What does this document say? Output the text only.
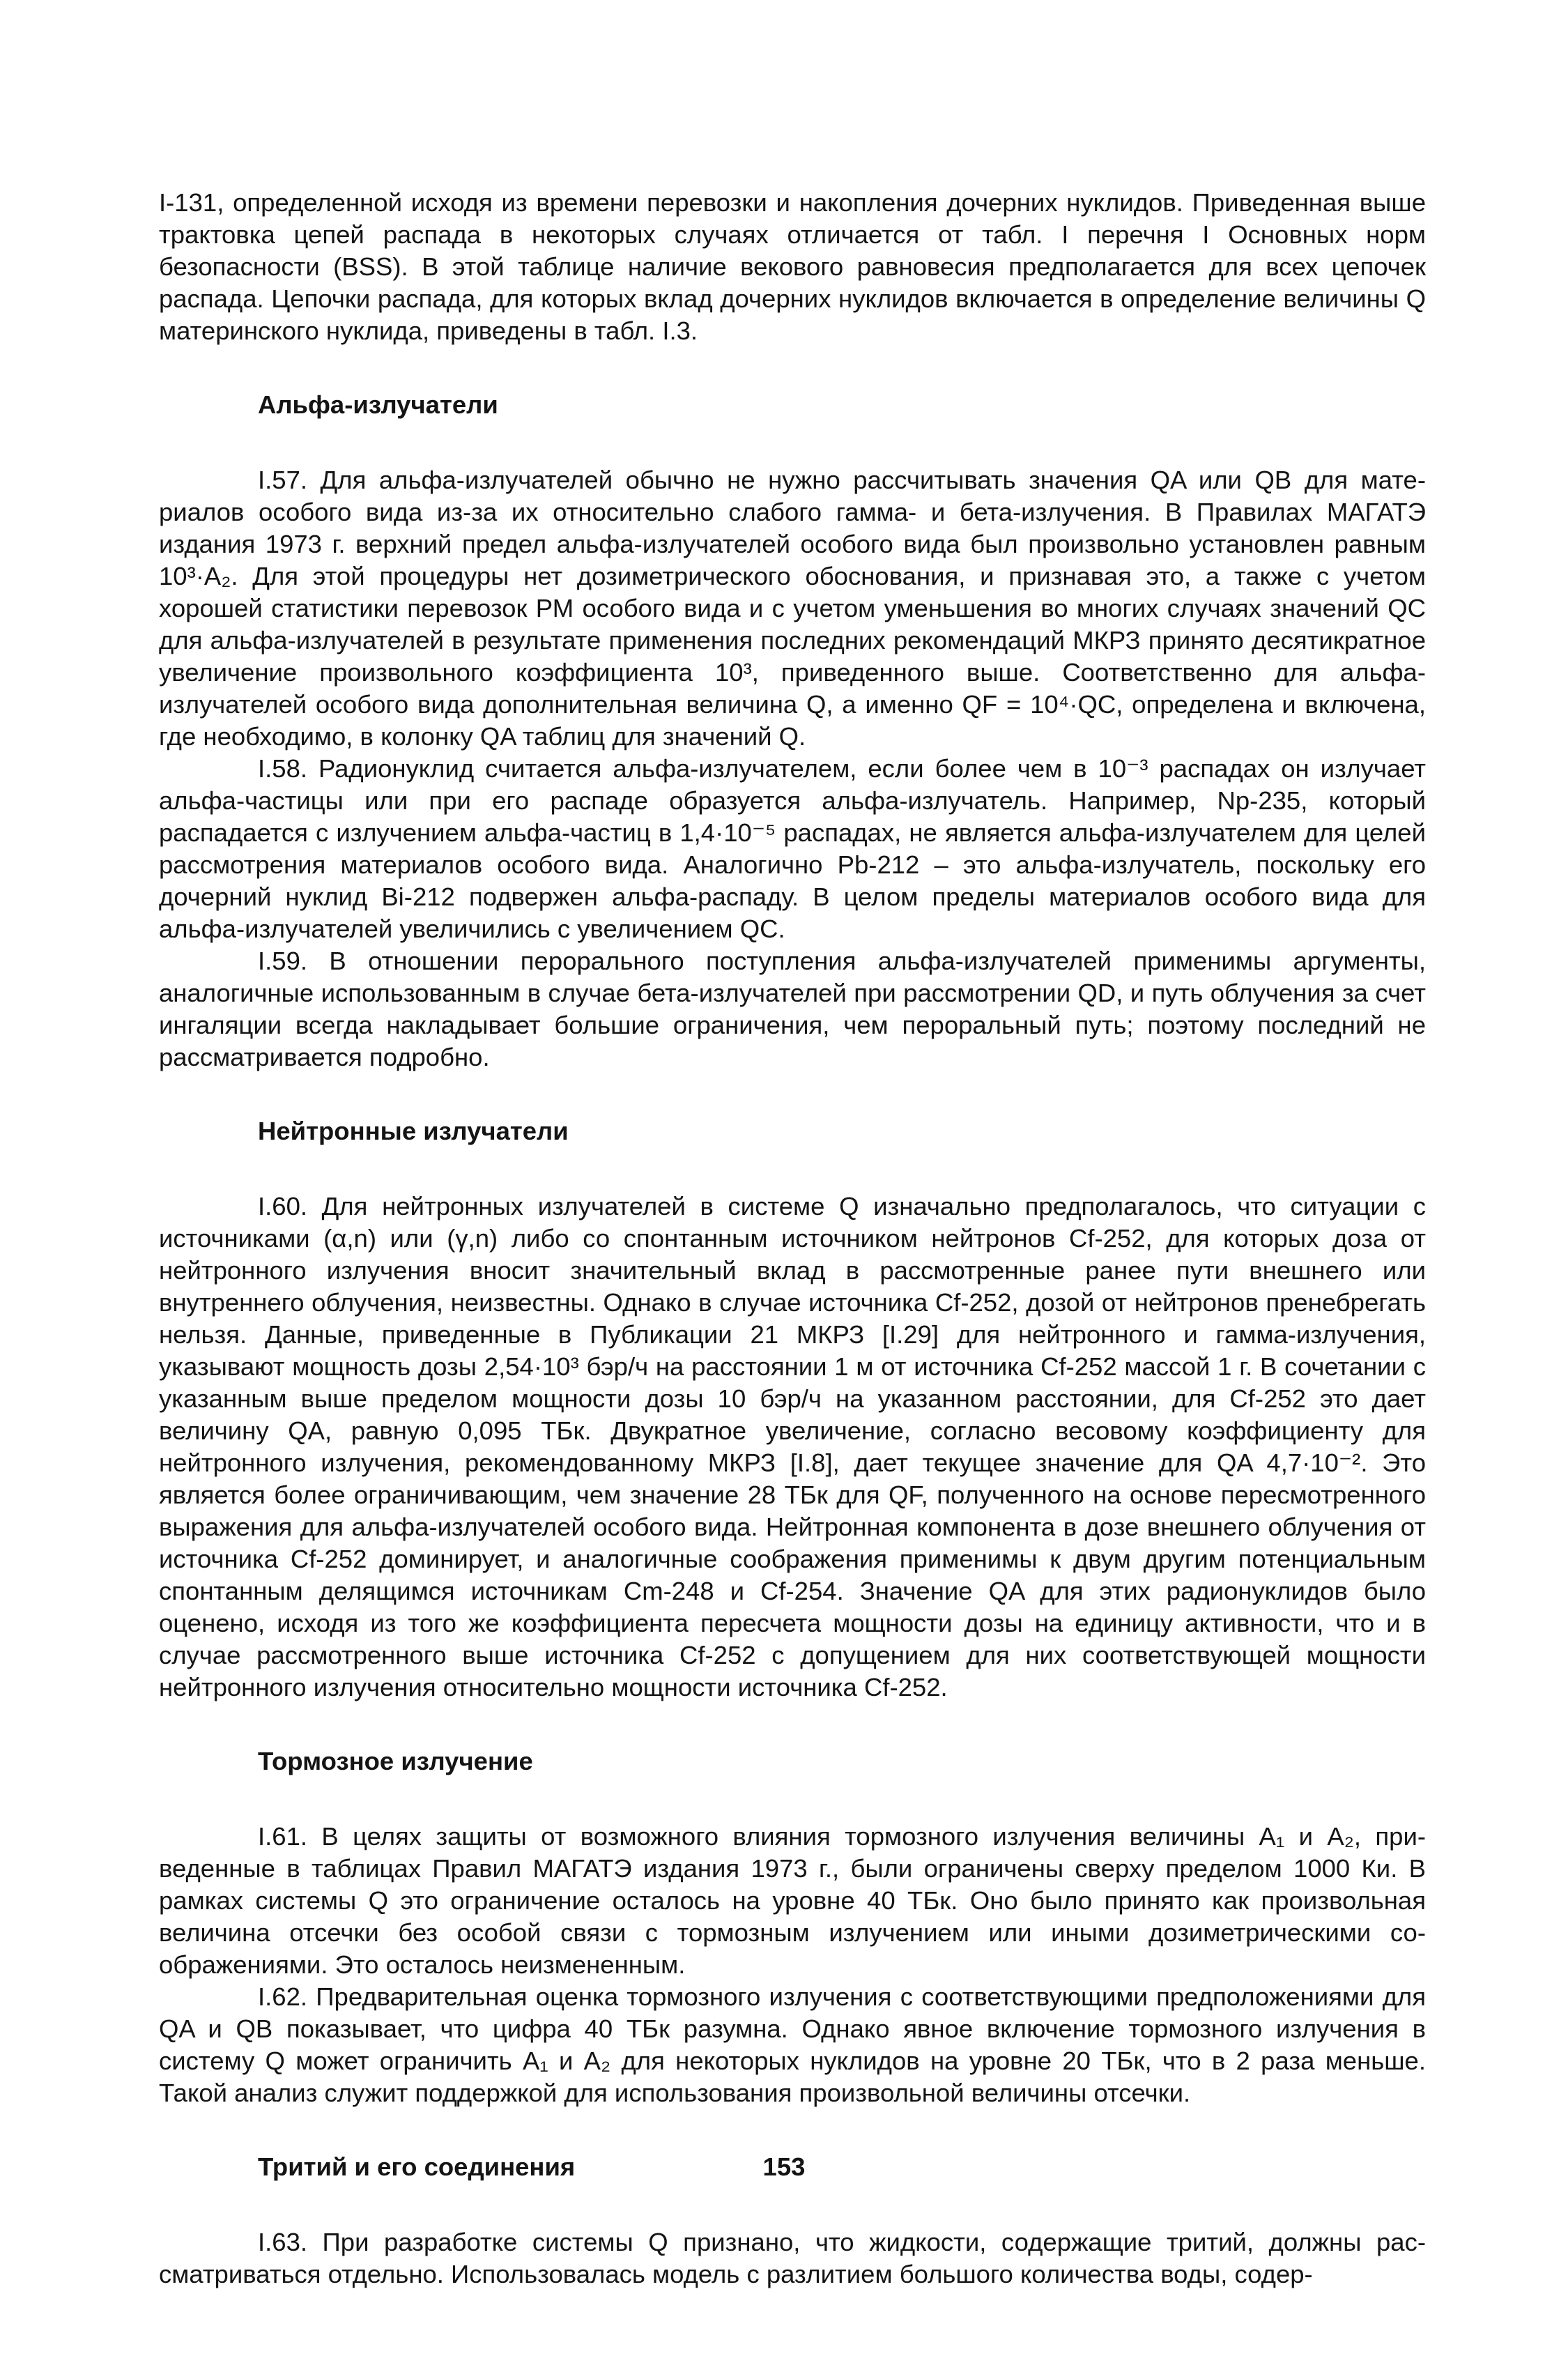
I-131, определенной исходя из времени перевозки и накопления дочерних нуклидов. Приведенная выше трактовка цепей распада в некоторых случаях отличается от табл. I перечня I Основных норм безопасности (BSS). В этой таблице наличие векового равновесия предполагается для всех цепочек распада. Цепочки распада, для которых вклад дочерних нуклидов включается в определение величины Q материнского нуклида, приведены в табл. I.3.

Альфа-излучатели

I.57. Для альфа-излучателей обычно не нужно рассчитывать значения QA или QB для материалов особого вида из-за их относительно слабого гамма- и бета-излучения. В Правилах МАГАТЭ издания 1973 г. верхний предел альфа-излучателей особого вида был произвольно установлен равным 10³·A₂. Для этой процедуры нет дозиметрического обоснования, и признавая это, а также с учетом хорошей статистики перевозок РМ особого вида и с учетом уменьшения во многих случаях значений QC для альфа-излучателей в результате применения последних рекомендаций МКРЗ принято десятикратное увеличение произвольного коэффициента 10³, приведенного выше. Соответственно для альфа-излучателей особого вида дополнительная величина Q, а именно QF = 10⁴·QC, определена и включена, где необходимо, в колонку QA таблиц для значений Q.

I.58. Радионуклид считается альфа-излучателем, если более чем в 10⁻³ распадах он излучает альфа-частицы или при его распаде образуется альфа-излучатель. Например, Np-235, который распадается с излучением альфа-частиц в 1,4·10⁻⁵ распадах, не является альфа-излучателем для целей рассмотрения материалов особого вида. Аналогично Pb-212 – это альфа-излучатель, поскольку его дочерний нуклид Bi-212 подвержен альфа-распаду. В целом пределы материалов особого вида для альфа-излучателей увеличились с увеличением QC.

I.59. В отношении перорального поступления альфа-излучателей применимы аргументы, аналогичные использованным в случае бета-излучателей при рассмотрении QD, и путь облучения за счет ингаляции всегда накладывает большие ограничения, чем пероральный путь; поэтому последний не рассматривается подробно.

Нейтронные излучатели

I.60. Для нейтронных излучателей в системе Q изначально предполагалось, что ситуации с источниками (α,n) или (γ,n) либо со спонтанным источником нейтронов Cf-252, для которых доза от нейтронного излучения вносит значительный вклад в рассмотренные ранее пути внешнего или внутреннего облучения, неизвестны. Однако в случае источника Cf-252, дозой от нейтронов пренебрегать нельзя. Данные, приведенные в Публикации 21 МКРЗ [I.29] для нейтронного и гамма-излучения, указывают мощность дозы 2,54·10³ бэр/ч на расстоянии 1 м от источника Cf-252 массой 1 г. В сочетании с указанным выше пределом мощности дозы 10 бэр/ч на указанном расстоянии, для Cf-252 это дает величину QA, равную 0,095 ТБк. Двукратное увеличение, согласно весовому коэффициенту для нейтронного излучения, рекомендованному МКРЗ [I.8], дает текущее значение для QA 4,7·10⁻². Это является более ограничивающим, чем значение 28 ТБк для QF, полученного на основе пересмотренного выражения для альфа-излучателей особого вида. Нейтронная компонента в дозе внешнего облучения от источника Cf-252 доминирует, и аналогичные соображения применимы к двум другим потенциальным спонтанным делящимся источникам Cm-248 и Cf-254. Значение QA для этих радионуклидов было оценено, исходя из того же коэффициента пересчета мощности дозы на единицу активности, что и в случае рассмотренного выше источника Cf-252 с допущением для них соответствующей мощности нейтронного излучения относительно мощности источника Cf-252.

Тормозное излучение

I.61. В целях защиты от возможного влияния тормозного излучения величины A₁ и A₂, приведенные в таблицах Правил МАГАТЭ издания 1973 г., были ограничены сверху пределом 1000 Ки. В рамках системы Q это ограничение осталось на уровне 40 ТБк. Оно было принято как произвольная величина отсечки без особой связи с тормозным излучением или иными дозиметрическими соображениями. Это осталось неизмененным.

I.62. Предварительная оценка тормозного излучения с соответствующими предположениями для QA и QB показывает, что цифра 40 ТБк разумна. Однако явное включение тормозного излучения в систему Q может ограничить A₁ и A₂ для некоторых нуклидов на уровне 20 ТБк, что в 2 раза меньше. Такой анализ служит поддержкой для использования произвольной величины отсечки.

Тритий и его соединения

I.63. При разработке системы Q признано, что жидкости, содержащие тритий, должны рассматриваться отдельно. Использовалась модель с разлитием большого количества воды, содер-

153
